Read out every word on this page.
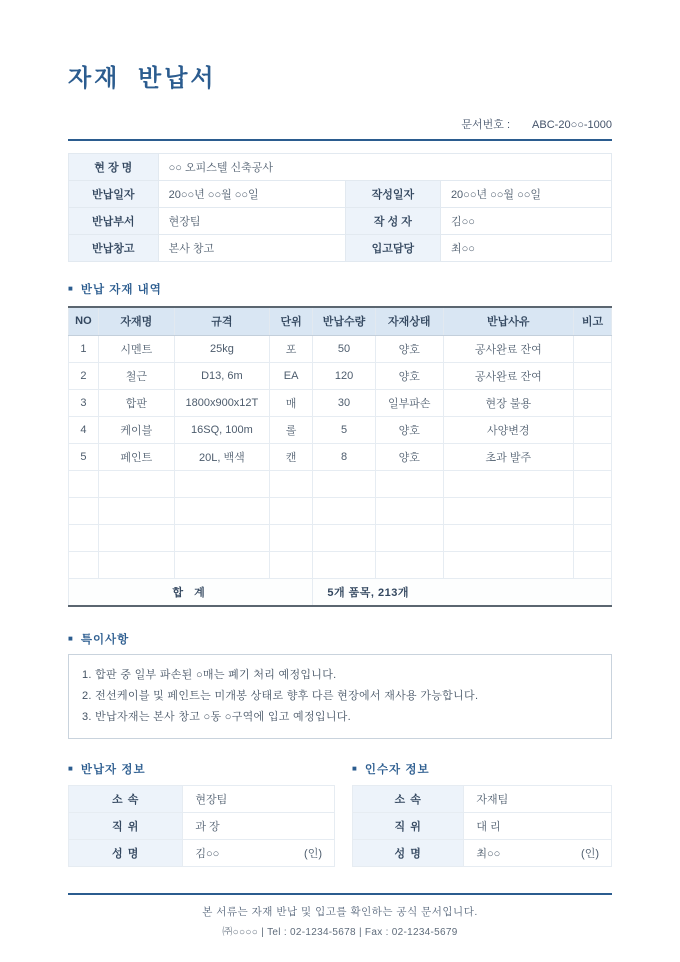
자재 반납서
문서번호 : ABC-20○○-1000
현 장 명	○○ 오피스텔 신축공사		
반납일자	20○○년 ○○월 ○○일	작성일자	20○○년 ○○월 ○○일
반납부서	현장팀	작 성 자	김○○
반납창고	본사 창고	입고담당	최○○
■ 반납 자재 내역
NO	자재명	규격	단위	반납수량	자재상태	반납사유	비고
1	시멘트	25kg	포	50	양호	공사완료 잔여	
2	철근	D13, 6m	EA	120	양호	공사완료 잔여	
3	합판	1800x900x12T	매	30	일부파손	현장 불용	
4	케이블	16SQ, 100m	롤	5	양호	사양변경	
5	페인트	20L, 백색	캔	8	양호	초과 발주	

합 계				5개 품목, 213개			
■ 특이사항
1. 합판 중 일부 파손된 ○매는 폐기 처리 예정입니다.
2. 전선케이블 및 페인트는 미개봉 상태로 향후 다른 현장에서 재사용 가능합니다.
3. 반납자재는 본사 창고 ○동 ○구역에 입고 예정입니다.
■ 반납자 정보
소 속	현장팀

직 위	과 장

성 명	김○○ (인)
■ 인수자 정보
소 속	자재팀

직 위	대 리

성 명	최○○ (인)
본 서류는 자재 반납 및 입고를 확인하는 공식 문서입니다.
㈜○○○○ | Tel : 02-1234-5678 | Fax : 02-1234-5679
